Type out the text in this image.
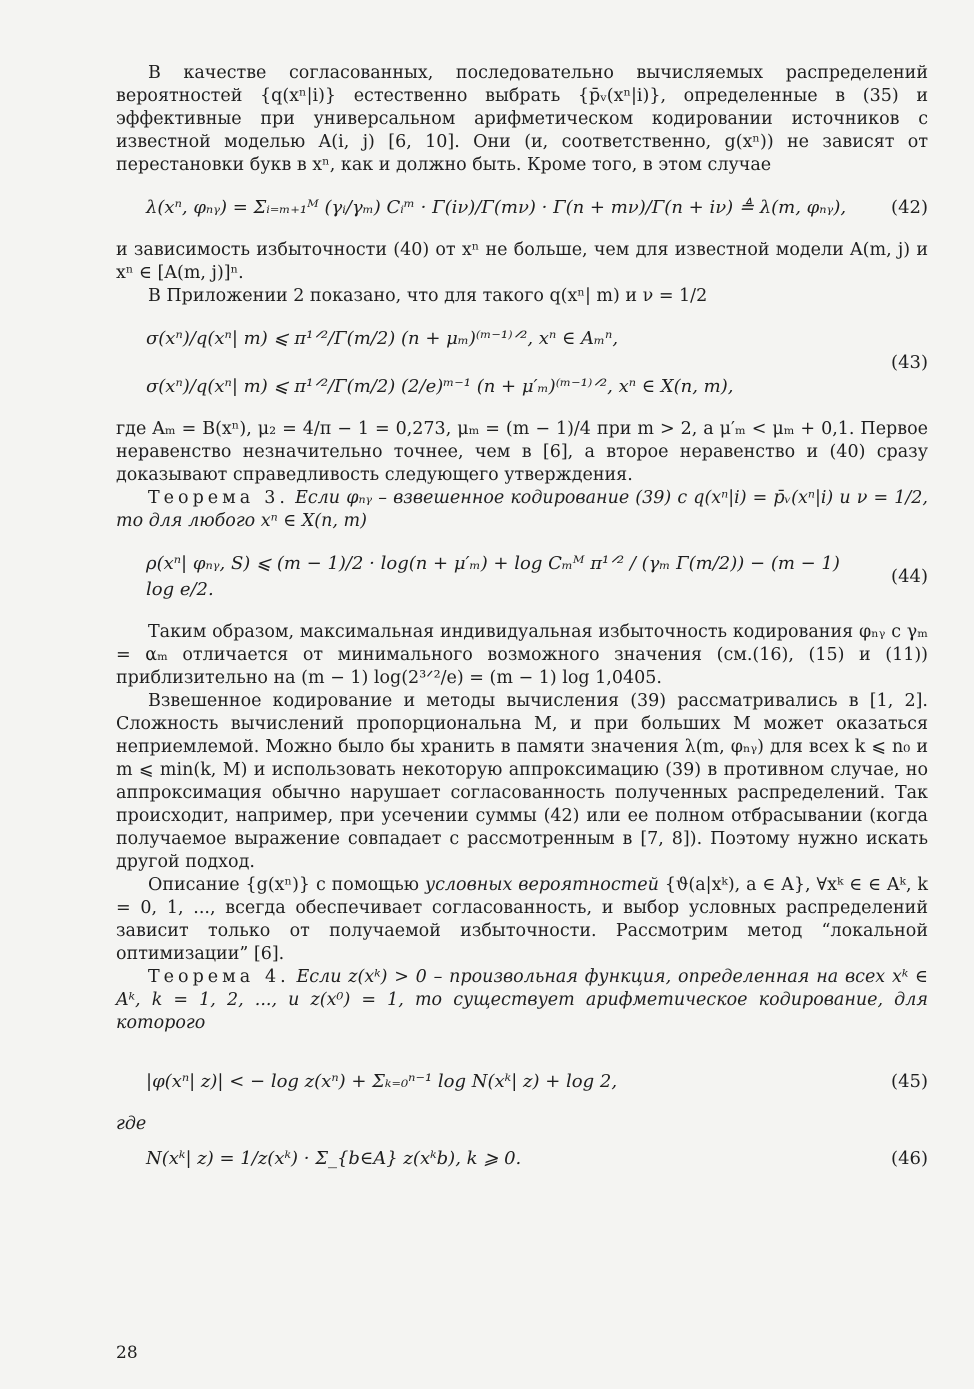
В качестве согласованных, последовательно вычисляемых распределений вероятностей {q(xⁿ|i)} естественно выбрать {p̄ᵥ(xⁿ|i)}, определенные в (35) и эффективные при универсальном арифметическом кодировании источников с известной моделью A(i, j) [6, 10]. Они (и, соответственно, g(xⁿ)) не зависят от перестановки букв в xⁿ, как и должно быть. Кроме того, в этом случае

λ(xⁿ, φₙᵧ) = Σᵢ₌ₘ₊₁ᴹ (γᵢ/γₘ) Cᵢᵐ · Γ(iν)/Γ(mν) · Γ(n + mν)/Γ(n + iν) ≜ λ(m, φₙᵧ),	(42)

и зависимость избыточности (40) от xⁿ не больше, чем для известной модели A(m, j) и xⁿ ∈ [A(m, j)]ⁿ.

В Приложении 2 показано, что для такого q(xⁿ| m) и ν = 1/2

σ(xⁿ)/q(xⁿ| m) ⩽ π¹ᐟ²/Γ(m/2) (n + μₘ)⁽ᵐ⁻¹⁾ᐟ², xⁿ ∈ Aₘⁿ,
σ(xⁿ)/q(xⁿ| m) ⩽ π¹ᐟ²/Γ(m/2) (2/e)ᵐ⁻¹ (n + μ′ₘ)⁽ᵐ⁻¹⁾ᐟ², xⁿ ∈ X(n, m),
(43)

где Aₘ = B(xⁿ), μ₂ = 4/π − 1 = 0,273, μₘ = (m − 1)/4 при m > 2, а μ′ₘ < μₘ + 0,1. Первое неравенство незначительно точнее, чем в [6], а второе неравенство и (40) сразу доказывают справедливость следующего утверждения.

Теорема 3. Если φₙᵧ – взвешенное кодирование (39) с q(xⁿ|i) = p̄ᵥ(xⁿ|i) и ν = 1/2, то для любого xⁿ ∈ X(n, m)

ρ(xⁿ| φₙᵧ, S) ⩽ (m − 1)/2 · log(n + μ′ₘ) + log Cₘᴹ π¹ᐟ² / (γₘ Γ(m/2)) − (m − 1) log e/2.
(44)

Таким образом, максимальная индивидуальная избыточность кодирования φₙᵧ с γₘ = αₘ отличается от минимального возможного значения (см.(16), (15) и (11)) приблизительно на (m − 1) log(2³ᐟ²/e) = (m − 1) log 1,0405.

Взвешенное кодирование и методы вычисления (39) рассматривались в [1, 2]. Сложность вычислений пропорциональна M, и при больших M может оказаться неприемлемой. Можно было бы хранить в памяти значения λ(m, φₙᵧ) для всех k ⩽ n₀ и m ⩽ min(k, M) и использовать некоторую аппроксимацию (39) в противном случае, но аппроксимация обычно нарушает согласованность полученных распределений. Так происходит, например, при усечении суммы (42) или ее полном отбрасывании (когда получаемое выражение совпадает с рассмотренным в [7, 8]). Поэтому нужно искать другой подход.

Описание {g(xⁿ)} с помощью условных вероятностей {ϑ(a|xᵏ), a ∈ A}, ∀xᵏ ∈ ∈ Aᵏ, k = 0, 1, ..., всегда обеспечивает согласованность, и выбор условных распределений зависит только от получаемой избыточности. Рассмотрим метод “локальной оптимизации” [6].

Теорема 4. Если z(xᵏ) > 0 – произвольная функция, определенная на всех xᵏ ∈ Aᵏ, k = 1, 2, ..., и z(x⁰) = 1, то существует арифметическое кодирование, для которого

|φ(xⁿ| z)| < − log z(xⁿ) + Σₖ₌₀ⁿ⁻¹ log N(xᵏ| z) + log 2,	(45)

где

N(xᵏ| z) = 1/z(xᵏ) · Σ_{b∈A} z(xᵏb), k ⩾ 0.	(46)
28
